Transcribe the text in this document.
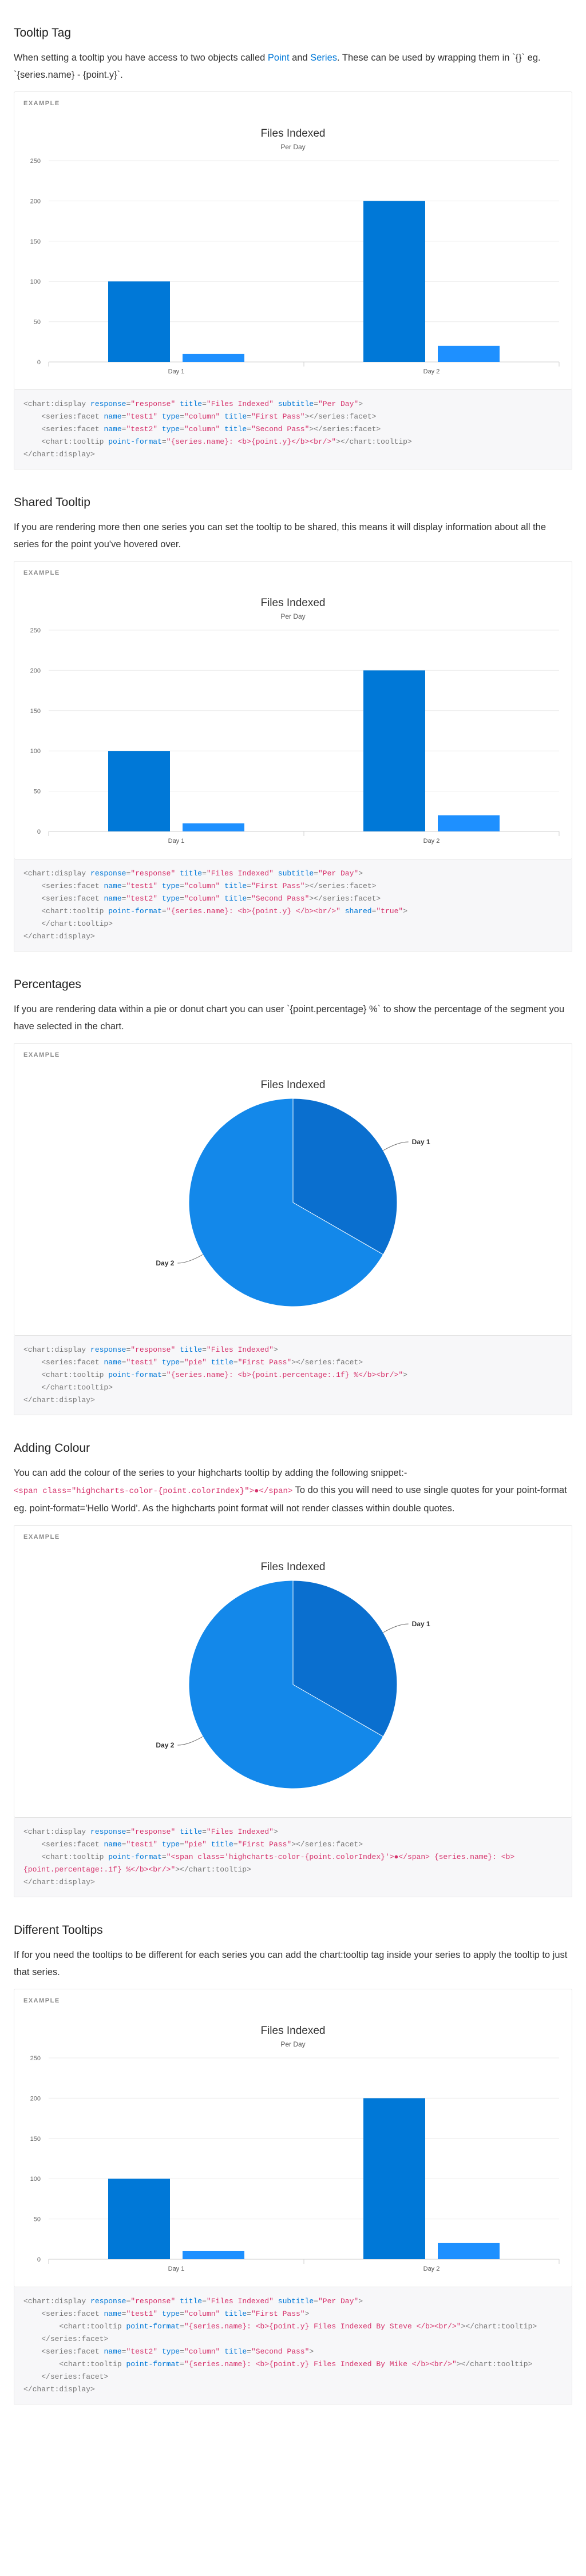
Tooltip Tag

When setting a tooltip you have access to two objects called Point and Series. These can be used by wrapping them in `{}` eg. `{series.name} - {point.y}`.

EXAMPLE
Files Indexed
Per Day
0
50
100
150
200
250
Day 1	Day 2
<chart:display response="response" title="Files Indexed" subtitle="Per Day">
<series:facet name="test1" type="column" title="First Pass"></series:facet>
<series:facet name="test2" type="column" title="Second Pass"></series:facet>
<chart:tooltip point-format="{series.name}: <b>{point.y}</b><br/>"></chart:tooltip>
</chart:display>
Shared Tooltip

If you are rendering more then one series you can set the tooltip to be shared, this means it will display information about all the series for the point you've hovered over.

EXAMPLE
Files Indexed
Per Day
0
50
100
150
200
250
Day 1	Day 2
<chart:display response="response" title="Files Indexed" subtitle="Per Day">
<series:facet name="test1" type="column" title="First Pass"></series:facet>
<series:facet name="test2" type="column" title="Second Pass"></series:facet>
<chart:tooltip point-format="{series.name}: <b>{point.y} </b><br/>" shared="true">
</chart:tooltip>
</chart:display>
Percentages

If you are rendering data within a pie or donut chart you can user `{point.percentage} %` to show the percentage of the segment you have selected in the chart.

EXAMPLE
Files Indexed
Day 1
Day 2
<chart:display response="response" title="Files Indexed">
<series:facet name="test1" type="pie" title="First Pass"></series:facet>
<chart:tooltip point-format="{series.name}: <b>{point.percentage:.1f} %</b><br/>">
</chart:tooltip>
</chart:display>
Adding Colour

You can add the colour of the series to your highcharts tooltip by adding the following snippet:-
<span class="highcharts-color-{point.colorIndex}">●</span> To do this you will need to use single quotes for your point-format eg. point-format='Hello World'. As the highcharts point format will not render classes within double quotes.

EXAMPLE
Files Indexed
Day 1
Day 2
<chart:display response="response" title="Files Indexed">
<series:facet name="test1" type="pie" title="First Pass"></series:facet>
<chart:tooltip point-format="<span class='highcharts-color-{point.colorIndex}'>●</span> {series.name}: <b>{point.percentage:.1f} %</b><br/>"></chart:tooltip>
</chart:display>
Different Tooltips

If for you need the tooltips to be different for each series you can add the chart:tooltip tag inside your series to apply the tooltip to just that series.

EXAMPLE
Files Indexed
Per Day
0
50
100
150
200
250
Day 1	Day 2
<chart:display response="response" title="Files Indexed" subtitle="Per Day">
<series:facet name="test1" type="column" title="First Pass">
<chart:tooltip point-format="{series.name}: <b>{point.y} Files Indexed By Steve </b><br/>"></chart:tooltip>
</series:facet>
<series:facet name="test2" type="column" title="Second Pass">
<chart:tooltip point-format="{series.name}: <b>{point.y} Files Indexed By Mike </b><br/>"></chart:tooltip>
</series:facet>
</chart:display>
